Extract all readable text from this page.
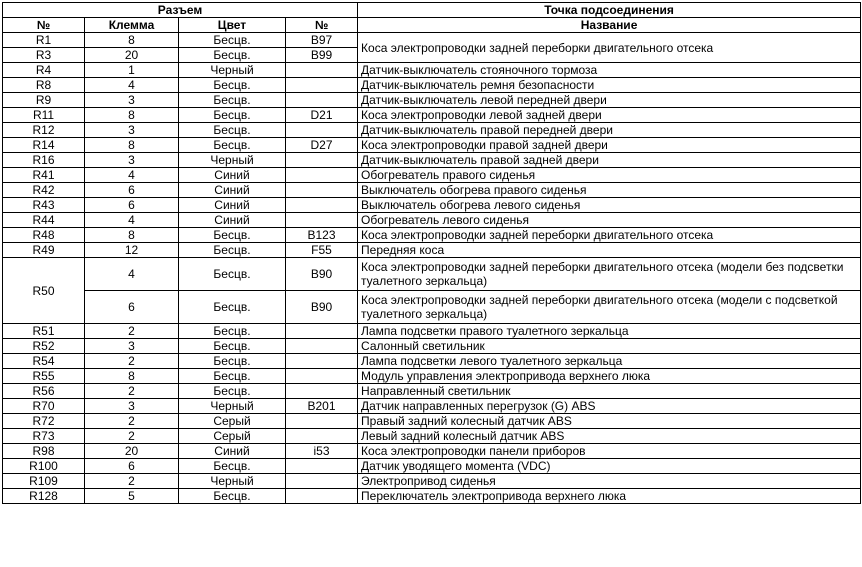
Разъем				Точка подсоединения
№	Клемма	Цвет	№	Название
R1	8	Бесцв.	B97	Коса электропроводки задней переборки двигательного отсека
R3	20	Бесцв.	B99	
R4	1	Черный		Датчик-выключатель стояночного тормоза
R8	4	Бесцв.		Датчик-выключатель ремня безопасности
R9	3	Бесцв.		Датчик-выключатель левой передней двери
R11	8	Бесцв.	D21	Коса электропроводки левой задней двери
R12	3	Бесцв.		Датчик-выключатель правой передней двери
R14	8	Бесцв.	D27	Коса электропроводки правой задней двери
R16	3	Черный		Датчик-выключатель правой задней двери
R41	4	Синий		Обогреватель правого сиденья
R42	6	Синий		Выключатель обогрева правого сиденья
R43	6	Синий		Выключатель обогрева левого сиденья
R44	4	Синий		Обогреватель левого сиденья
R48	8	Бесцв.	B123	Коса электропроводки задней переборки двигательного отсека
R49	12	Бесцв.	F55	Передняя коса
R50	4	Бесцв.	B90	Коса электропроводки задней переборки двигательного отсека (модели без подсветки туалетного зеркальца)
	6	Бесцв.	B90	Коса электропроводки задней переборки двигательного отсека (модели с подсветкой туалетного зеркальца)
R51	2	Бесцв.		Лампа подсветки правого туалетного зеркальца
R52	3	Бесцв.		Салонный светильник
R54	2	Бесцв.		Лампа подсветки левого туалетного зеркальца
R55	8	Бесцв.		Модуль управления электропривода верхнего люка
R56	2	Бесцв.		Направленный светильник
R70	3	Черный	B201	Датчик направленных перегрузок (G) ABS
R72	2	Серый		Правый задний колесный датчик ABS
R73	2	Серый		Левый задний колесный датчик ABS
R98	20	Синий	i53	Коса электропроводки панели приборов
R100	6	Бесцв.		Датчик уводящего момента (VDC)
R109	2	Черный		Электропривод сиденья
R128	5	Бесцв.		Переключатель электропривода верхнего люка
